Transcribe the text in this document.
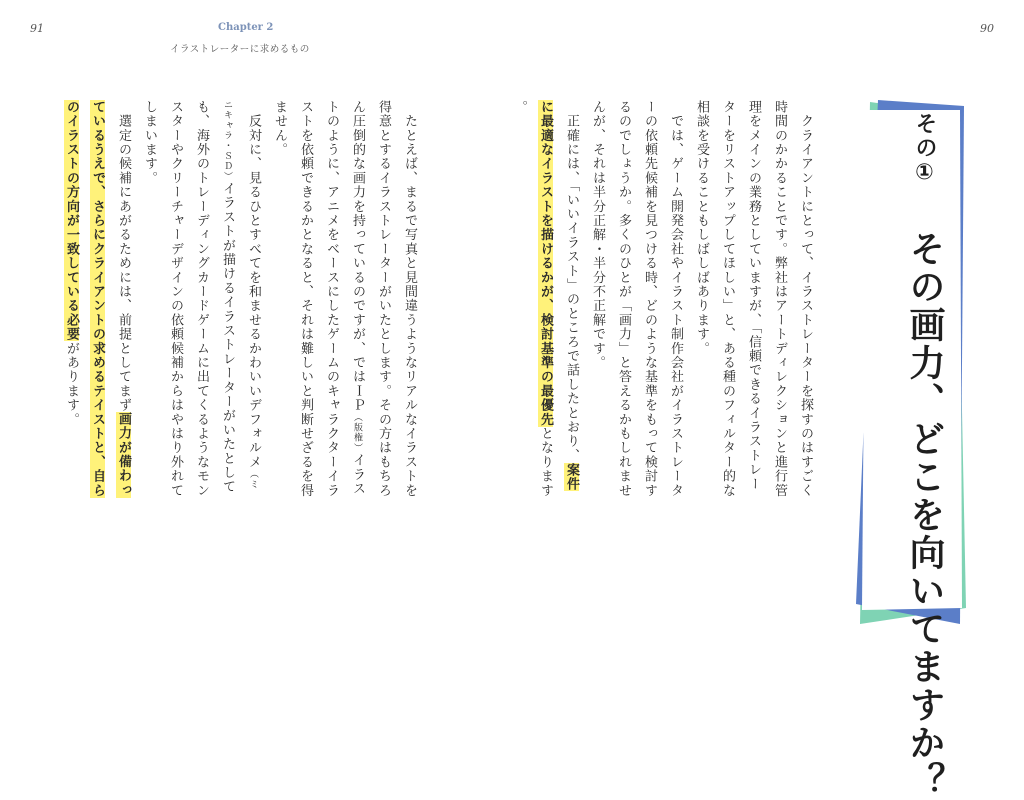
91	90
Chapter 2
イラストレーターに求めるもの
その① その画力、どこを向いてますか？

　クライアントにとって、イラストレーターを探すのはすごく
時間のかかることです。弊社はアートディレクションと進行管
理をメインの業務としていますが、「信頼できるイラストレー
ターをリストアップしてほしい」と、ある種のフィルター的な
相談を受けることもしばしばあります。

　では、ゲーム開発会社やイラスト制作会社がイラストレータ
ーの依頼先候補を見つける時、どのような基準をもって検討す
るのでしょうか。多くのひとが「画力」と答えるかもしれませ
んが、それは半分正解・半分不正解です。

　正確には、「いいイラスト」のところで話したとおり、案件
に最適なイラストを描けるかが、検討基準の最優先となります
。

　たとえば、まるで写真と見間違うようなリアルなイラストを
得意とするイラストレーターがいたとします。その方はもちろ
ん圧倒的な画力を持っているのですが、ではＩＰ（版権）イラス
トのように、アニメをベースにしたゲームのキャラクターイラ
ストを依頼できるかとなると、それは難しいと判断せざるを得
ません。

　反対に、見るひとすべてを和ませるかわいいデフォルメ（ミ
ニキャラ・ＳＤ）イラストが描けるイラストレーターがいたとして
も、海外のトレーディングカードゲームに出てくるようなモン
スターやクリーチャーデザインの依頼候補からはやはり外れて
しまいます。

　選定の候補にあがるためには、前提としてまず画力が備わっ
ているうえで、さらにクライアントの求めるテイストと、自ら
のイラストの方向が一致している必要があります。
